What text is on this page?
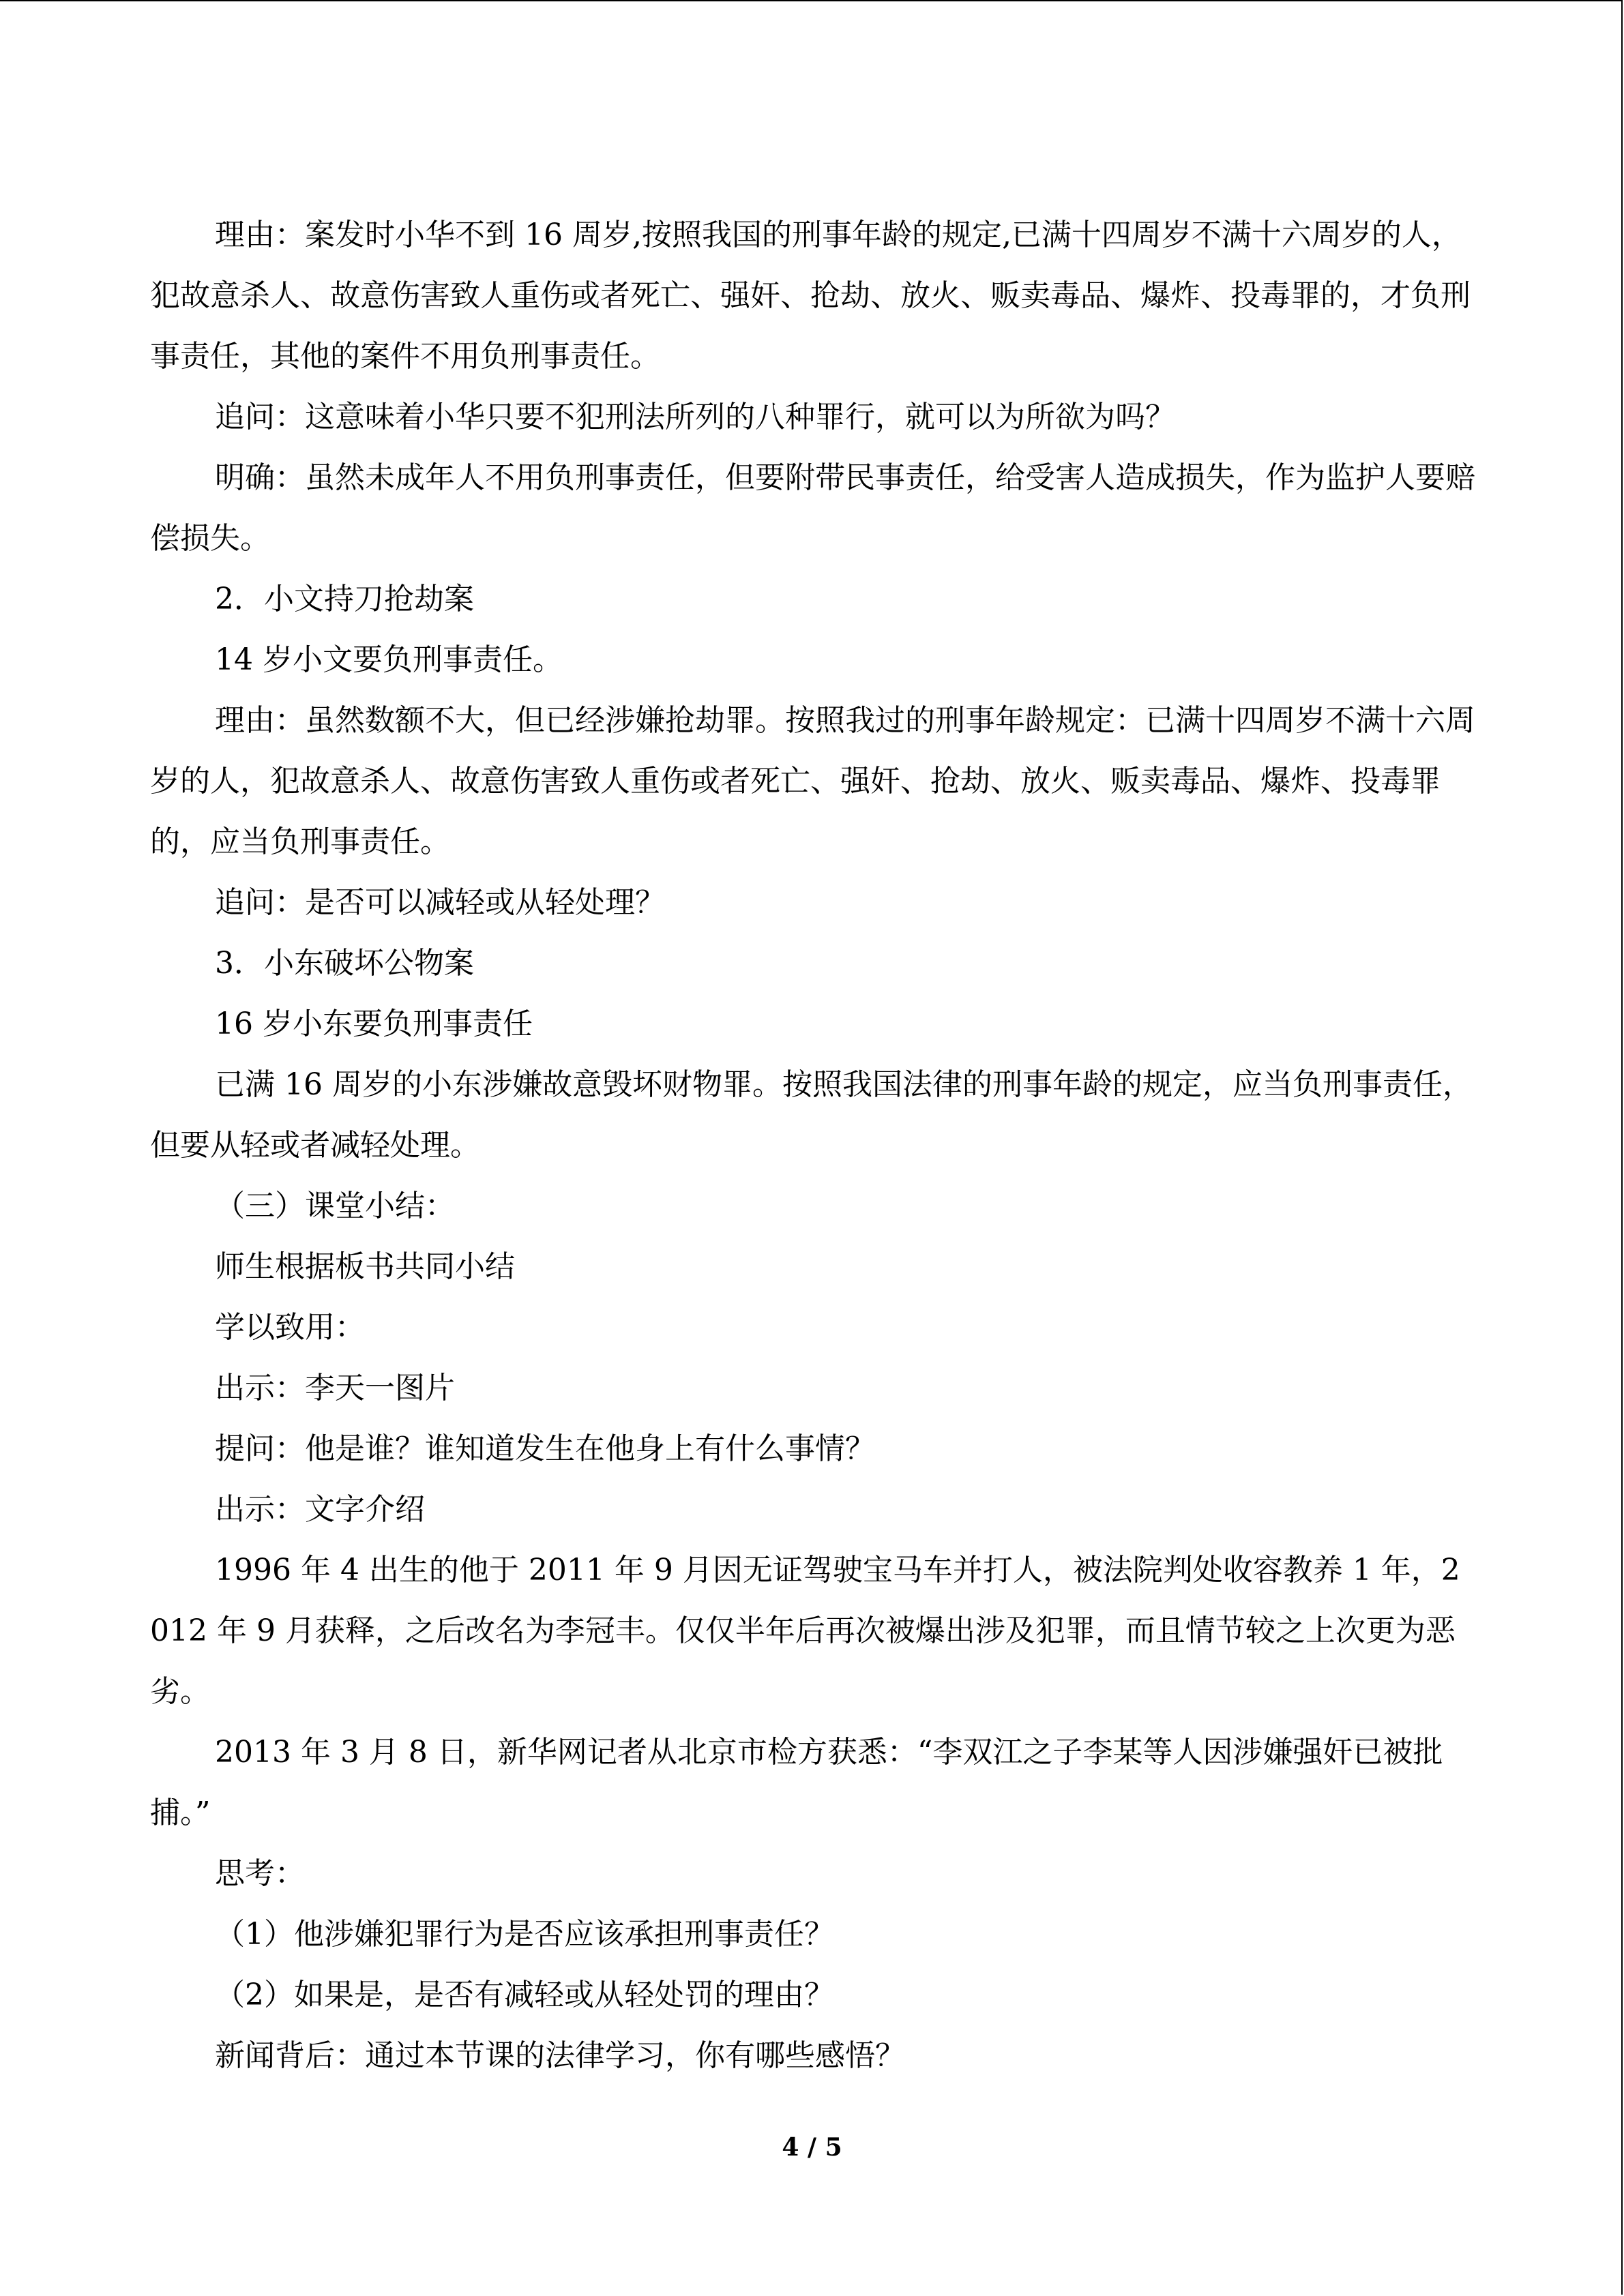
理由：案发时小华不到 16 周岁,按照我国的刑事年龄的规定,已满十四周岁不满十六周岁的人，犯故意杀人、故意伤害致人重伤或者死亡、强奸、抢劫、放火、贩卖毒品、爆炸、投毒罪的，才负刑事责任，其他的案件不用负刑事责任。

追问：这意味着小华只要不犯刑法所列的八种罪行，就可以为所欲为吗？

明确：虽然未成年人不用负刑事责任，但要附带民事责任，给受害人造成损失，作为监护人要赔偿损失。

2．小文持刀抢劫案

14 岁小文要负刑事责任。

理由：虽然数额不大，但已经涉嫌抢劫罪。按照我过的刑事年龄规定：已满十四周岁不满十六周岁的人，犯故意杀人、故意伤害致人重伤或者死亡、强奸、抢劫、放火、贩卖毒品、爆炸、投毒罪的，应当负刑事责任。

追问：是否可以减轻或从轻处理？

3．小东破坏公物案

16 岁小东要负刑事责任

已满 16 周岁的小东涉嫌故意毁坏财物罪。按照我国法律的刑事年龄的规定，应当负刑事责任，但要从轻或者减轻处理。

（三）课堂小结：

师生根据板书共同小结

学以致用：

出示：李天一图片

提问：他是谁？谁知道发生在他身上有什么事情？

出示：文字介绍

1996 年 4 出生的他于 2011 年 9 月因无证驾驶宝马车并打人，被法院判处收容教养 1 年，2012 年 9 月获释，之后改名为李冠丰。仅仅半年后再次被爆出涉及犯罪，而且情节较之上次更为恶劣。

2013 年 3 月 8 日，新华网记者从北京市检方获悉：“李双江之子李某等人因涉嫌强奸已被批捕。”

思考：

（1）他涉嫌犯罪行为是否应该承担刑事责任？

（2）如果是，是否有减轻或从轻处罚的理由？

新闻背后：通过本节课的法律学习，你有哪些感悟？

4 / 5
